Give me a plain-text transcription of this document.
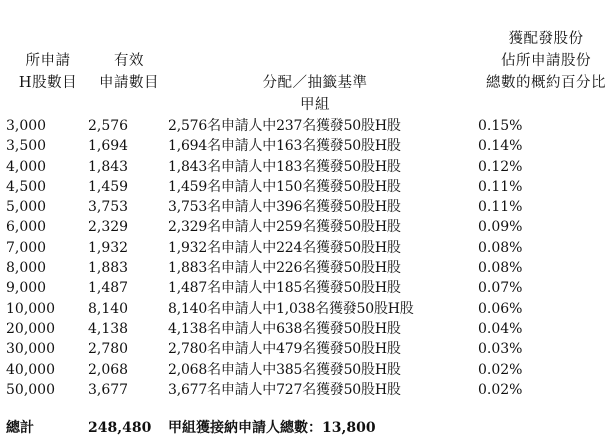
所申請
H股數目
有效
申請數目	分配／抽籤基準
甲組
獲配發股份
佔所申請股份
總數的概約百分比
3,000	2,576	2,576名申請人中237名獲發50股H股	0.15%
3,500	1,694	1,694名申請人中163名獲發50股H股	0.14%
4,000	1,843	1,843名申請人中183名獲發50股H股	0.12%
4,500	1,459	1,459名申請人中150名獲發50股H股	0.11%
5,000	3,753	3,753名申請人中396名獲發50股H股	0.11%
6,000	2,329	2,329名申請人中259名獲發50股H股	0.09%
7,000	1,932	1,932名申請人中224名獲發50股H股	0.08%
8,000	1,883	1,883名申請人中226名獲發50股H股	0.08%
9,000	1,487	1,487名申請人中185名獲發50股H股	0.07%
10,000 8,140	8,140名申請人中1,038名獲發50股H股	0.06%
20,000 4,138	4,138名申請人中638名獲發50股H股	0.04%
30,000 2,780	2,780名申請人中479名獲發50股H股	0.03%
40,000 2,068	2,068名申請人中385名獲發50股H股	0.02%
50,000 3,677	3,677名申請人中727名獲發50股H股	0.02%
總計	248,480 甲組獲接納申請人總數：13,800
